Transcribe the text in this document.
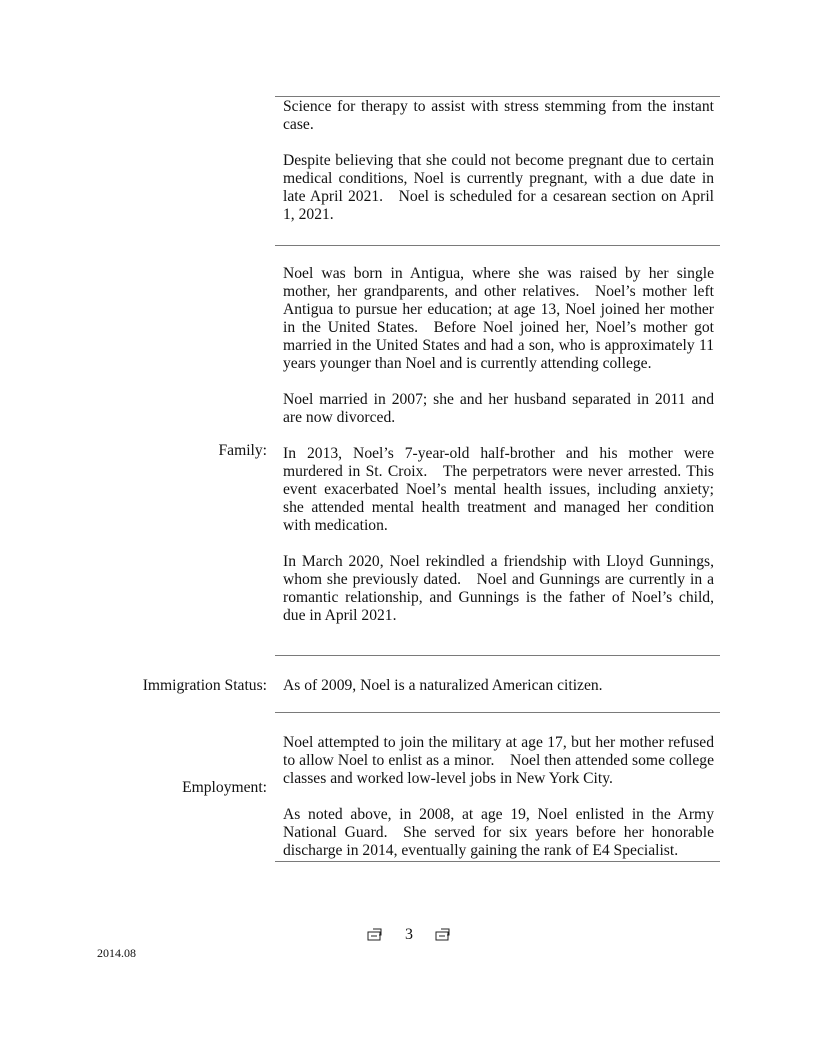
Science for therapy to assist with stress stemming from the instant case.

Despite believing that she could not become pregnant due to certain medical conditions, Noel is currently pregnant, with a due date in late April 2021. Noel is scheduled for a cesarean section on April 1, 2021.

Family:

Noel was born in Antigua, where she was raised by her single mother, her grandparents, and other relatives. Noel’s mother left Antigua to pursue her education; at age 13, Noel joined her mother in the United States. Before Noel joined her, Noel’s mother got married in the United States and had a son, who is approximately 11 years younger than Noel and is currently attending college.

Noel married in 2007; she and her husband separated in 2011 and are now divorced.

In 2013, Noel’s 7-year-old half-brother and his mother were murdered in St. Croix. The perpetrators were never arrested. This event exacerbated Noel’s mental health issues, including anxiety; she attended mental health treatment and managed her condition with medication.

In March 2020, Noel rekindled a friendship with Lloyd Gunnings, whom she previously dated. Noel and Gunnings are currently in a romantic relationship, and Gunnings is the father of Noel’s child, due in April 2021.

Immigration Status: As of 2009, Noel is a naturalized American citizen.

Employment:

Noel attempted to join the military at age 17, but her mother refused to allow Noel to enlist as a minor. Noel then attended some college classes and worked low-level jobs in New York City.

As noted above, in 2008, at age 19, Noel enlisted in the Army National Guard. She served for six years before her honorable discharge in 2014, eventually gaining the rank of E4 Specialist.

3
2014.08
